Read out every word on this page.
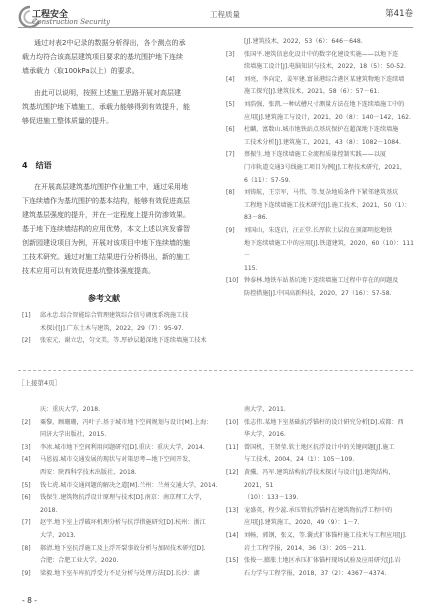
工程安全
Construction Security
工程质量	第41卷
通过对表2中记录的数据分析得出，各个测点的承
载力均符合该高层建筑项目要求的基坑围护地下连续
墙承载力（取100kPa以上）的要求。
由此可以说明，按照上述施工思路开展对高层建
筑基坑围护地下墙施工，承载力能够得到有效提升，能
够促进施工整体质量的提升。
4　结语
在开展高层建筑基坑围护作业施工中，通过采用地
下连续墙作为基坑围护的基本结构，能够有效促进高层
建筑基层强度的提升，并在一定程度上提升防渗效果。
基于地下连续墙结构的应用优势，本文上述以宾发睿智
创新园建设项目为例，开展对该项目中地下连续墙的施
工技术研究。通过对施工结果进行分析得出，新的施工
技术应用可以有效促进基坑整体强度提高。
参考文献
[1] 邱永忠.综合智能综合管理建筑综合信号调度系统施工技
术探讨[J].广东土木与建筑，2022，29（7）：95-97.
[2] 张宏元，谢立忠，匀文美，等.厚砂层超深地下连续墙施工技术
[J].建筑技术，2022，53（6）：646－648.
[3] 张国平.建筑信息化设计中的数字化建设实施——以地下连
续墙施工设计[J].电脑知识与技术，2022，18（5）：50-52.
[4] 刘亮，李向定，姜军建.富景港综合港区某建筑物地下连续墙
施工探究[J].建筑技术，2021，58（6）：57－61.
[5] 刘浩强，张凯.一种试槽尺寸测量方法在地下连续墙施工中的
应用[J].建筑施工与设计，2021，20（8）：140－142，162.
[6] 杜麟，富数山.城市地铁站点基坑保护在超深地下连续墙施
工技术分析[J].建筑施工，2021，43（8）：1082－1084.
[7] 蔡振生.地下连续墙施工全流程质量控制实践——以厦
门市轨道交通3号线施工项目为例[J].工程技术研究，2021，
6（11）：57-59.
[8] 刘铸航，王宗军，马伟，等.复杂地质条件下紧邻建筑基坑
工程地下连续墙施工技术研究[J].施工技术，2021，50（1）：
83－86.
[9] 刘国山，朱连启，汪正堂.长厚软土层段在顶部明挖地铁
地下连续墙施工中的应用[J].铁道建筑，2020，60（10）：111－
115.
[10] 钟泰林.地铁车站基坑地下连续墙施工过程中存在的问题及
防控措施[J].中国高新科技，2020，27（16）：57-58.
［上接第4页］
庆：重庆大学，2018.
[2] 粟黎，顾珊珊，冯叶子.基于城市地下空间规划与设计[M].上海：
同济大学出版社，2015.
[3] 李冰.城市地下空间利用问题研究[D].重庆：重庆大学，2014.
[4] 马恩福.城市交通发展的现状与对策思考—地下空间开发，
西安：陕西科学技术出版社，2018.
[5] 钱七虎.城市交通问题的解决之道[M].兰州：兰州交通大学，2014.
[6] 钱保生.建筑物抗浮设计原理与技术[D].南京：南京理工大学，2018.
[7] 赵宇.地下室上浮破坏机理分析与抗浮措施研究[D].杭州：浙江
大学，2013.
[8] 郝清.地下室抗浮施工及上浮开裂事故分析与加固技术研究[D].
合肥：合肥工业大学，2020.
[9] 梁毅.地下室车库抗浮受力不足分析与处理方法[D].长沙：湖
南大学，2011.
[10] 张志伟.某地下室基础抗浮锚杆的设计研究分析[D].成都：西
华大学，2016.
[11] 曾国机，王贤莹.软土地区抗浮设计中的关键问题[J].施工
与工技术，2004，24（1）：105－109.
[12] 黄骥，冯军.建筑结构抗浮技术探讨与设计[J].建筑结构，2021，51
（10）：133－139.
[13] 宠盛英，程少蕊.承压管抗浮锚杆在建筑物抗浮工程中的
应用[J].建筑施工，2020，49（9）：1－7.
[14] 刘畅，郭钢，张义，等.囊式扩体锚杆施工技术与工程应用[J].
岩土工程学报，2014，36（3）：205－211.
[15] 张俊一.膨胀土地区承压扩体锚杆现场试验及应用研究[J].岩
石力学与工程学报，2018，37（2）：4367－4374.
- 8 -
